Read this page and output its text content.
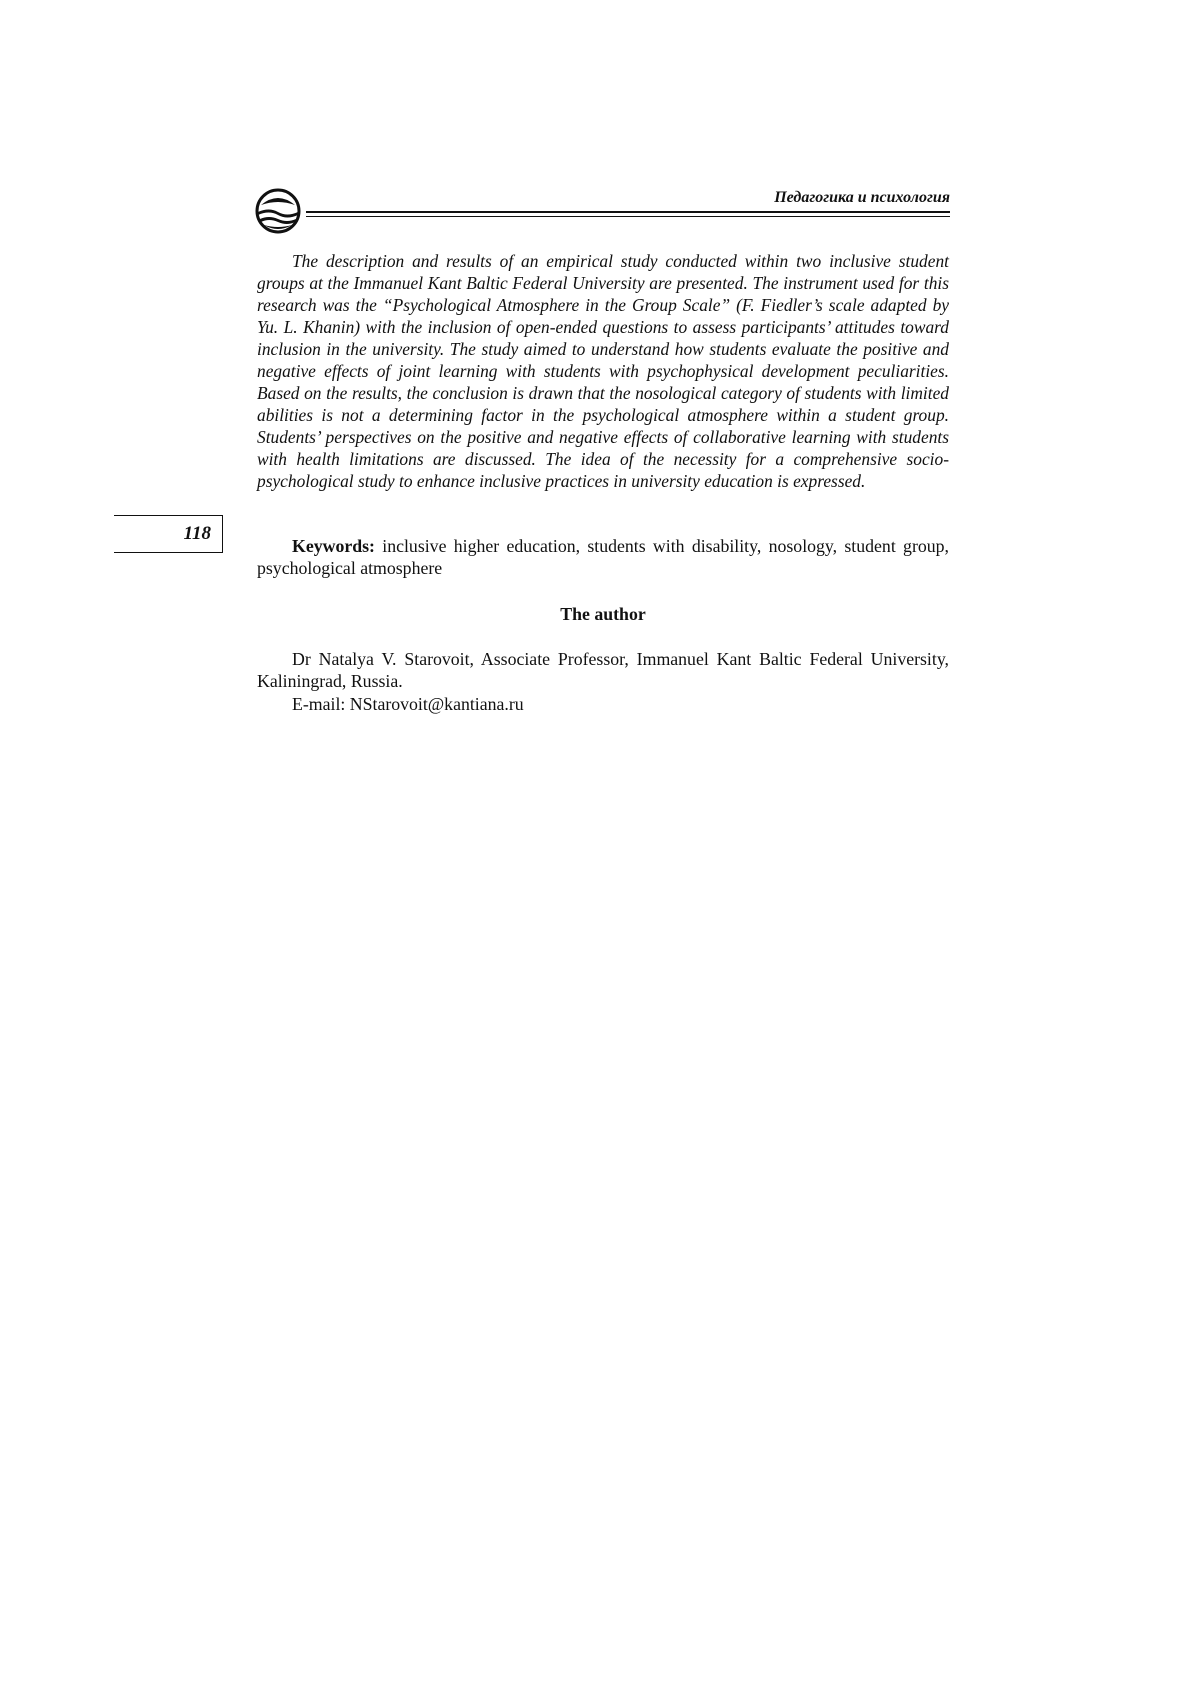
Педагогика и психология
118

The description and results of an empirical study conducted within two inclusive student groups at the Immanuel Kant Baltic Federal University are presented. The instrument used for this research was the “Psychological Atmosphere in the Group Scale” (F. Fiedler’s scale adapted by Yu. L. Khanin) with the inclusion of open-ended questions to assess participants’ attitudes toward inclusion in the university. The study aimed to understand how students evaluate the positive and negative effects of joint learning with students with psychophysical development peculiarities. Based on the results, the conclusion is drawn that the nosological category of students with limited abilities is not a determining factor in the psychological atmosphere within a student group. Students’ perspectives on the positive and negative effects of collaborative learning with students with health limitations are discussed. The idea of the necessity for a comprehensive socio-psychological study to enhance inclusive practices in university education is expressed.

Keywords: inclusive higher education, students with disability, nosology, student group, psychological atmosphere

The author

Dr Natalya V. Starovoit, Associate Professor, Immanuel Kant Baltic Federal University, Kaliningrad, Russia.

E-mail: NStarovoit@kantiana.ru
